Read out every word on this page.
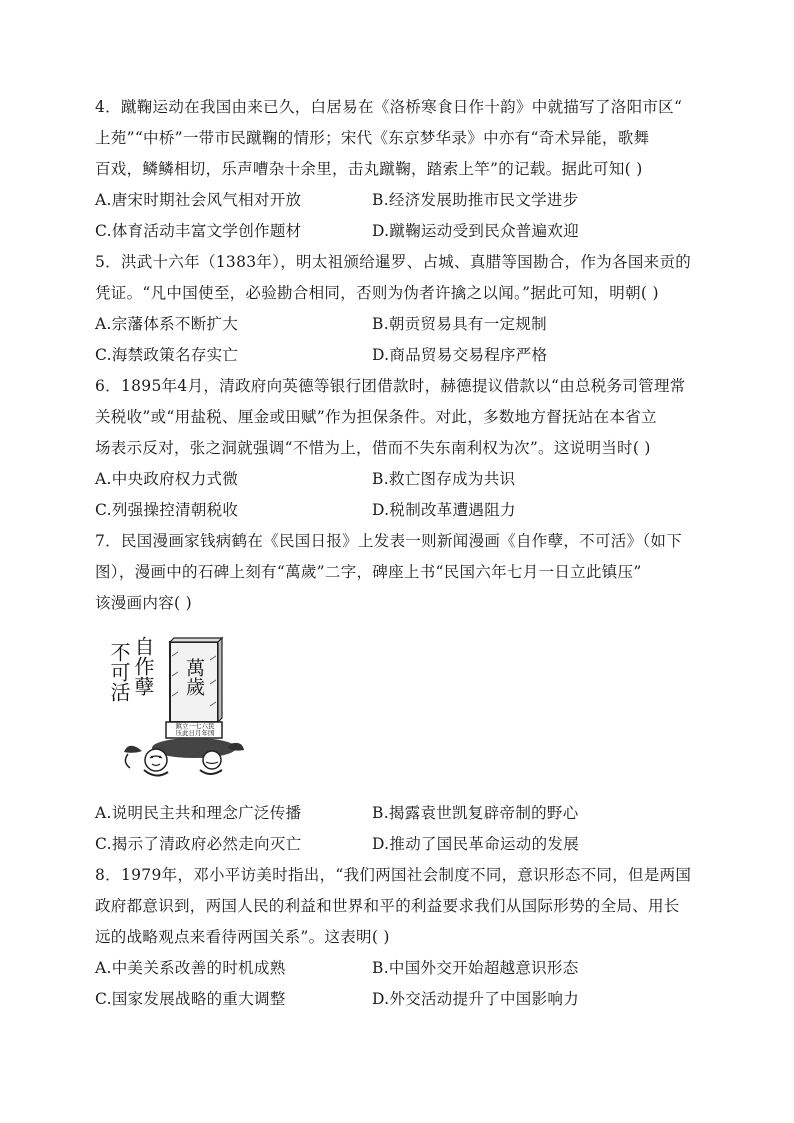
4．蹴鞠运动在我国由来已久，白居易在《洛桥寒食日作十韵》中就描写了洛阳市区“
上苑”“中桥”一带市民蹴鞠的情形；宋代《东京梦华录》中亦有“奇术异能，歌舞
百戏，鳞鳞相切，乐声嘈杂十余里，击丸蹴鞠，踏索上竿”的记载。据此可知( )
A.唐宋时期社会风气相对开放	B.经济发展助推市民文学进步
C.体育活动丰富文学创作题材	D.蹴鞠运动受到民众普遍欢迎
5．洪武十六年（1383年），明太祖颁给暹罗、占城、真腊等国勘合，作为各国来贡的
凭证。“凡中国使至，必验勘合相同，否则为伪者许擒之以闻。”据此可知，明朝( )
A.宗藩体系不断扩大	B.朝贡贸易具有一定规制
C.海禁政策名存实亡	D.商品贸易交易程序严格
6．1895年4月，清政府向英德等银行团借款时，赫德提议借款以“由总税务司管理常
关税收”或“用盐税、厘金或田赋”作为担保条件。对此，多数地方督抚站在本省立
场表示反对，张之洞就强调“不惜为上，借而不失东南利权为次”。这说明当时( )
A.中央政府权力式微	B.救亡图存成为共识
C.列强操控清朝税收	D.税制改革遭遇阻力
7．民国漫画家钱病鹤在《民国日报》上发表一则新闻漫画《自作孽，不可活》（如下
图），漫画中的石碑上刻有“萬歲”二字，碑座上书“民国六年七月一日立此镇压”
该漫画内容( )
不可活 自作孽 萬歲
鎮立一七六民
压此日月年国
A.说明民主共和理念广泛传播	B.揭露袁世凯复辟帝制的野心
C.揭示了清政府必然走向灭亡	D.推动了国民革命运动的发展
8．1979年，邓小平访美时指出，“我们两国社会制度不同，意识形态不同，但是两国
政府都意识到，两国人民的利益和世界和平的利益要求我们从国际形势的全局、用长
远的战略观点来看待两国关系”。这表明( )
A.中美关系改善的时机成熟	B.中国外交开始超越意识形态
C.国家发展战略的重大调整	D.外交活动提升了中国影响力
